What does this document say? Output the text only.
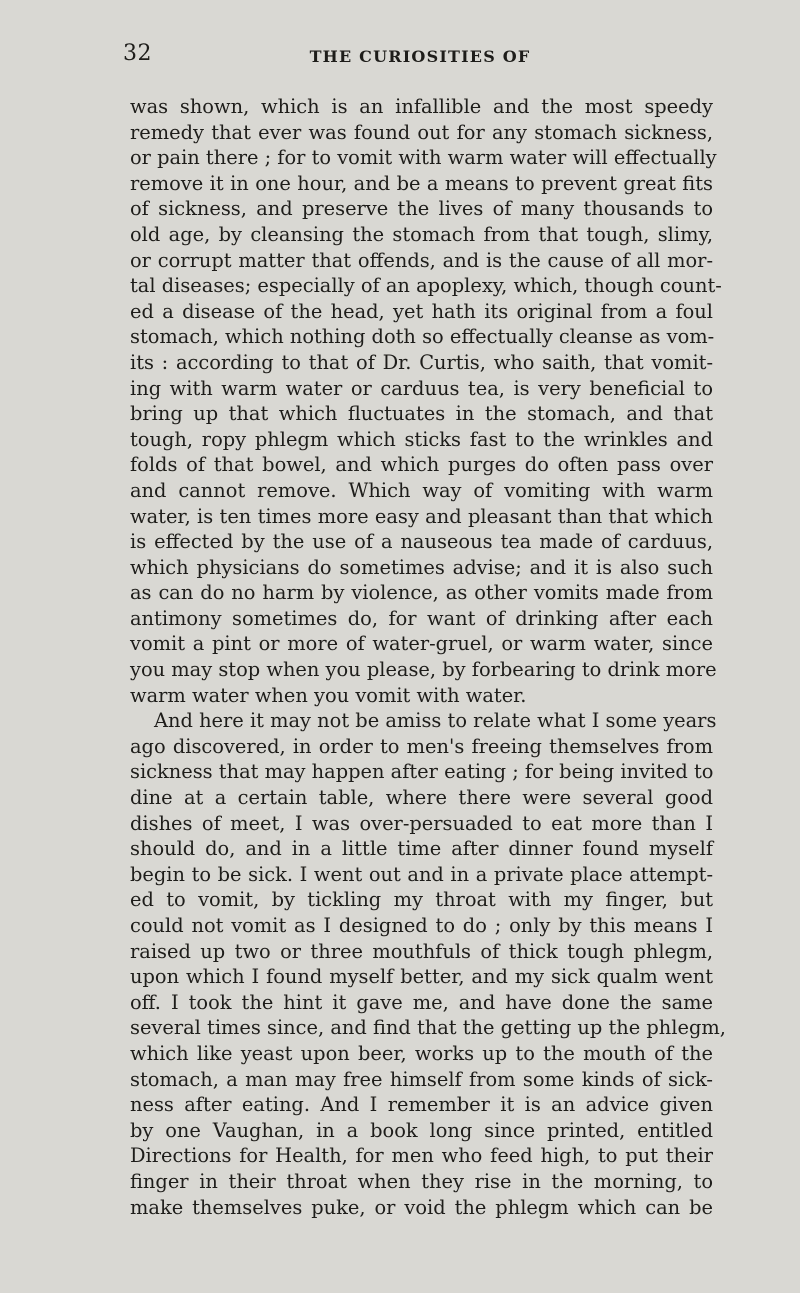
32	THE CURIOSITIES OF
was shown, which is an infallible and the most speedy
remedy that ever was found out for any stomach sickness,
or pain there ; for to vomit with warm water will effectually
remove it in one hour, and be a means to prevent great fits
of sickness, and preserve the lives of many thousands to
old age, by cleansing the stomach from that tough, slimy,
or corrupt matter that offends, and is the cause of all mor-
tal diseases; especially of an apoplexy, which, though count-
ed a disease of the head, yet hath its original from a foul
stomach, which nothing doth so effectually cleanse as vom-
its : according to that of Dr. Curtis, who saith, that vomit-
ing with warm water or carduus tea, is very beneficial to
bring up that which fluctuates in the stomach, and that
tough, ropy phlegm which sticks fast to the wrinkles and
folds of that bowel, and which purges do often pass over
and cannot remove. Which way of vomiting with warm
water, is ten times more easy and pleasant than that which
is effected by the use of a nauseous tea made of carduus,
which physicians do sometimes advise; and it is also such
as can do no harm by violence, as other vomits made from
antimony sometimes do, for want of drinking after each
vomit a pint or more of water-gruel, or warm water, since
you may stop when you please, by forbearing to drink more
warm water when you vomit with water.
And here it may not be amiss to relate what I some years
ago discovered, in order to men's freeing themselves from
sickness that may happen after eating ; for being invited to
dine at a certain table, where there were several good
dishes of meet, I was over-persuaded to eat more than I
should do, and in a little time after dinner found myself
begin to be sick. I went out and in a private place attempt-
ed to vomit, by tickling my throat with my finger, but
could not vomit as I designed to do ; only by this means I
raised up two or three mouthfuls of thick tough phlegm,
upon which I found myself better, and my sick qualm went
off. I took the hint it gave me, and have done the same
several times since, and find that the getting up the phlegm,
which like yeast upon beer, works up to the mouth of the
stomach, a man may free himself from some kinds of sick-
ness after eating. And I remember it is an advice given
by one Vaughan, in a book long since printed, entitled
Directions for Health, for men who feed high, to put their
finger in their throat when they rise in the morning, to
make themselves puke, or void the phlegm which can be
